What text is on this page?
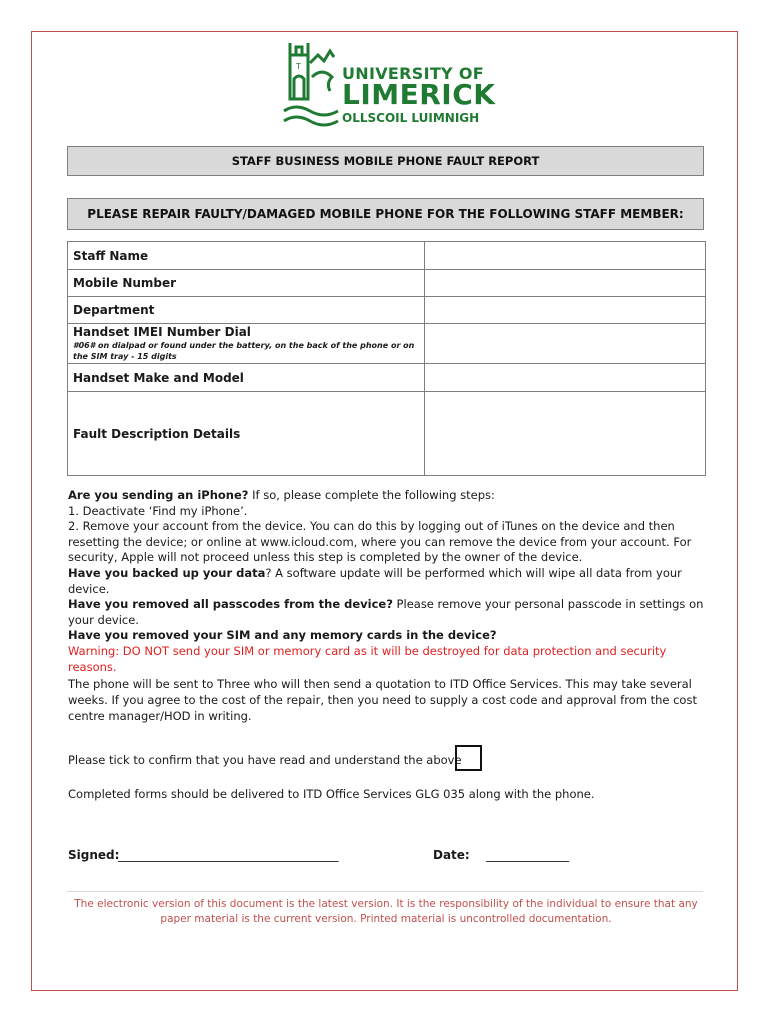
T	UNIVERSITY OF
LIMERICK
OLLSCOIL LUIMNIGH
STAFF BUSINESS MOBILE PHONE FAULT REPORT
PLEASE REPAIR FAULTY/DAMAGED MOBILE PHONE FOR THE FOLLOWING STAFF MEMBER:
Staff Name	
Mobile Number	
Department	
Handset IMEI Number Dial
#06# on dialpad or found under the battery, on the back of the phone or on the SIM tray - 15 digits	

Handset Make and Model	
Fault Description Details	

Are you sending an iPhone? If so, please complete the following steps:

1. Deactivate ‘Find my iPhone’.

2. Remove your account from the device. You can do this by logging out of iTunes on the device and then resetting the device; or online at www.icloud.com, where you can remove the device from your account. For security, Apple will not proceed unless this step is completed by the owner of the device.

Have you backed up your data? A software update will be performed which will wipe all data from your device.

Have you removed all passcodes from the device? Please remove your personal passcode in settings on your device.

Have you removed your SIM and any memory cards in the device?

Warning: DO NOT send your SIM or memory card as it will be destroyed for data protection and security reasons.

The phone will be sent to Three who will then send a quotation to ITD Office Services. This may take several weeks. If you agree to the cost of the repair, then you need to supply a cost code and approval from the cost centre manager/HOD in writing.
Please tick to confirm that you have read and understand the above
Completed forms should be delivered to ITD Office Services GLG 035 along with the phone.
Signed:
________________________________________	Date: _______________
The electronic version of this document is the latest version. It is the responsibility of the individual to ensure that any paper material is the current version. Printed material is uncontrolled documentation.
